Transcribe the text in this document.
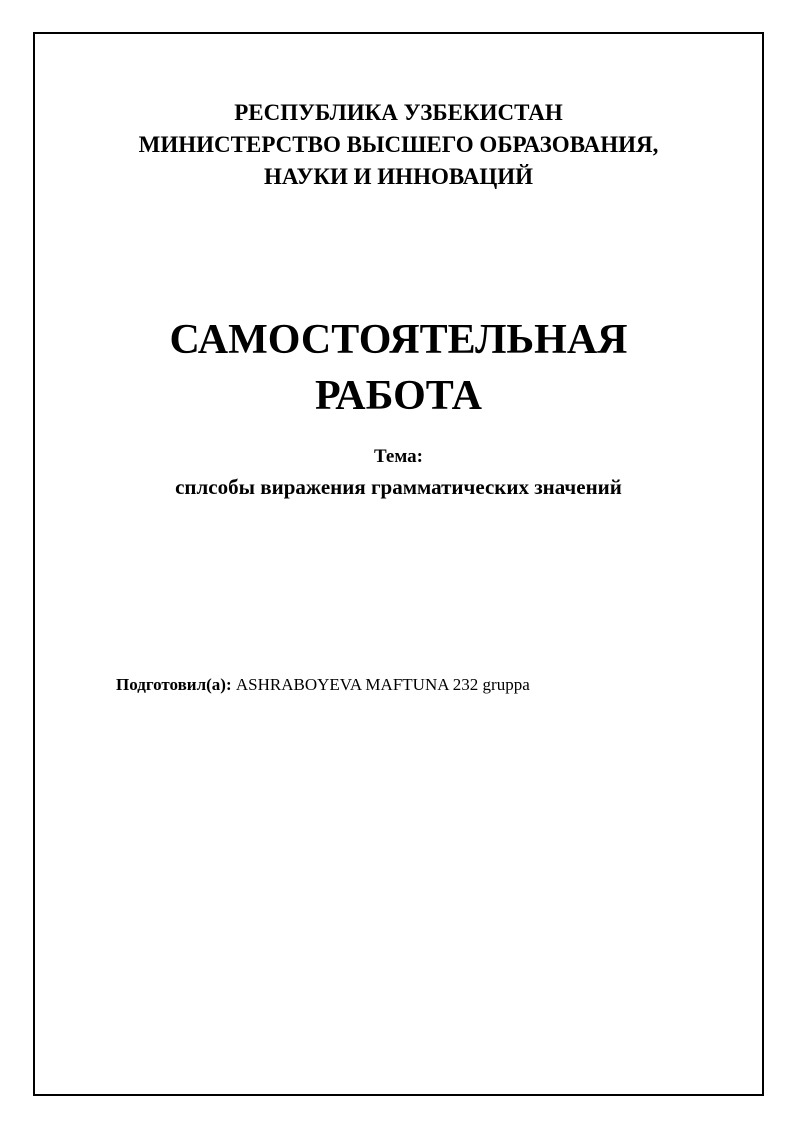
РЕСПУБЛИКА УЗБЕКИСТАН
МИНИСТЕРСТВО ВЫСШЕГО ОБРАЗОВАНИЯ,
НАУКИ И ИННОВАЦИЙ
САМОСТОЯТЕЛЬНАЯ
РАБОТА
Тема:
сплсобы виражения грамматических значений
Подготовил(а): ASHRABOYEVA MAFTUNA 232 gruppa
